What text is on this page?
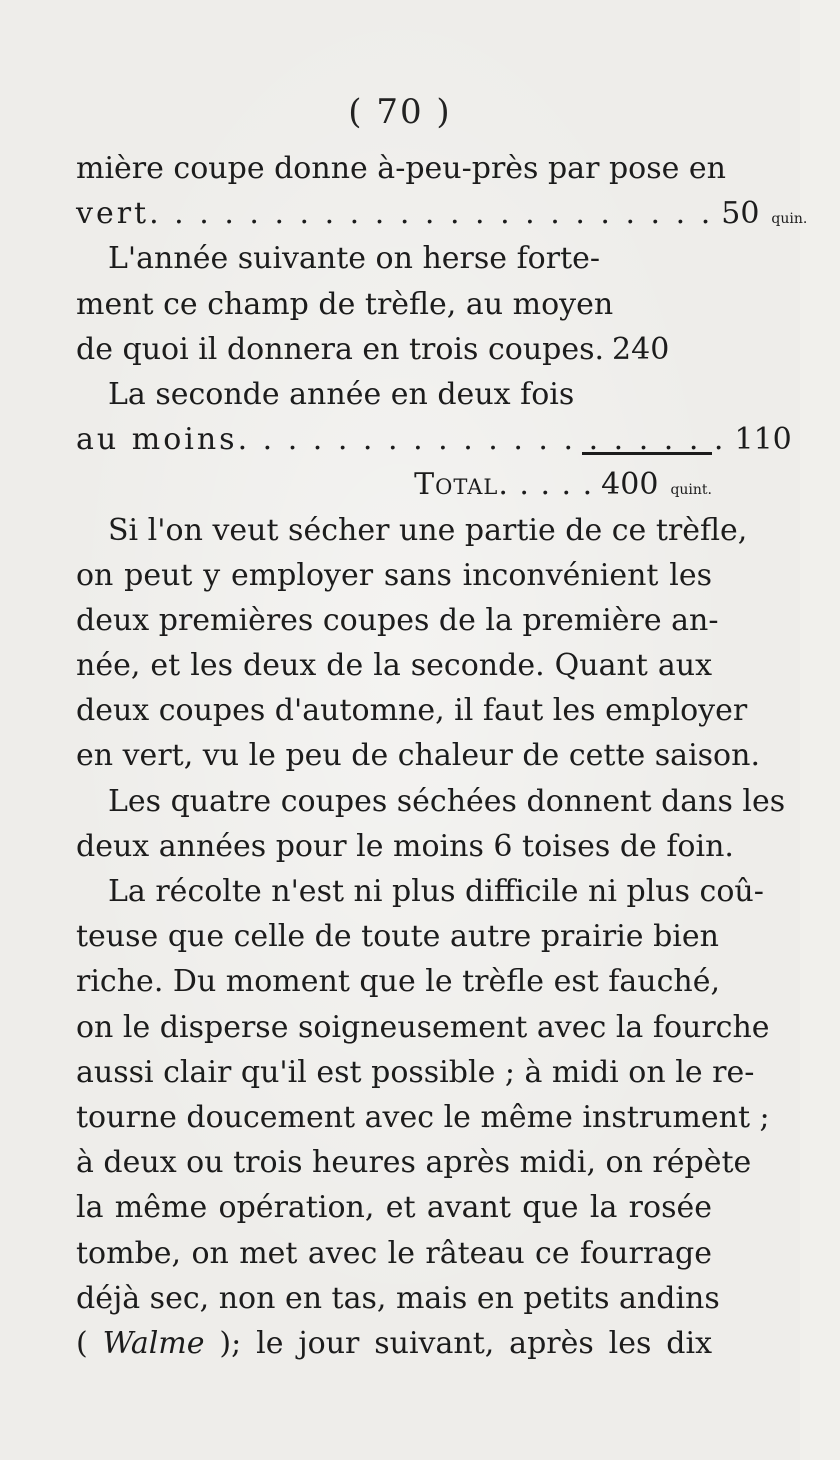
( 70 )
mière coupe donne à-peu-près par pose en
vert. . . . . . . . . . . . . . . . . . . . . . . 50 quin.
L'année suivante on herse forte-
ment ce champ de trèfle, au moyen
de quoi il donnera en trois coupes. 240
La seconde année en deux fois
au moins. . . . . . . . . . . . . . . . . . . . 110
Total. . . . . 400 quint.
Si l'on veut sécher une partie de ce trèfle,
on peut y employer sans inconvénient les
deux premières coupes de la première an-
née, et les deux de la seconde. Quant aux
deux coupes d'automne, il faut les employer
en vert, vu le peu de chaleur de cette saison.
Les quatre coupes séchées donnent dans les
deux années pour le moins 6 toises de foin.
La récolte n'est ni plus difficile ni plus coû-
teuse que celle de toute autre prairie bien
riche. Du moment que le trèfle est fauché,
on le disperse soigneusement avec la fourche
aussi clair qu'il est possible ; à midi on le re-
tourne doucement avec le même instrument ;
à deux ou trois heures après midi, on répète
la même opération, et avant que la rosée
tombe, on met avec le râteau ce fourrage
déjà sec, non en tas, mais en petits andins
( Walme ); le jour suivant, après les dix
